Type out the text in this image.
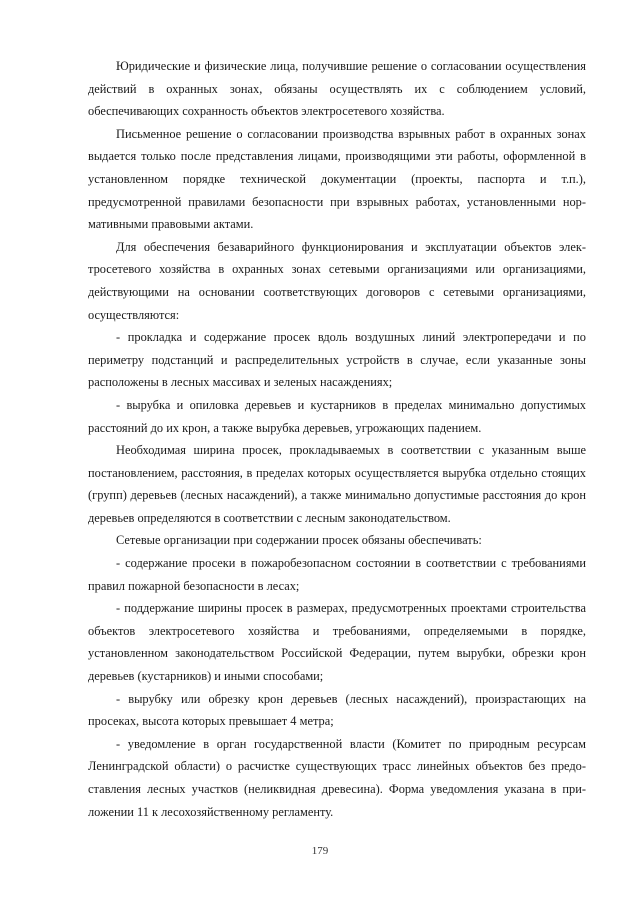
Юридические и физические лица, получившие решение о согласовании осуществления действий в охранных зонах, обязаны осуществлять их с соблюдением условий, обеспечивающих сохранность объектов электросетевого хозяйства.

Письменное решение о согласовании производства взрывных работ в охранных зонах выдается только после представления лицами, производящими эти работы, оформленной в установленном порядке технической документации (проекты, паспорта и т.п.), предусмотренной правилами безопасности при взрывных работах, установленными нормативными правовыми актами.

Для обеспечения безаварийного функционирования и эксплуатации объектов электросетевого хозяйства в охранных зонах сетевыми организациями или организациями, действующими на основании соответствующих договоров с сетевыми организациями, осуществляются:

- прокладка и содержание просек вдоль воздушных линий электропередачи и по периметру подстанций и распределительных устройств в случае, если указанные зоны расположены в лесных массивах и зеленых насаждениях;

- вырубка и опиловка деревьев и кустарников в пределах минимально допустимых расстояний до их крон, а также вырубка деревьев, угрожающих падением.

Необходимая ширина просек, прокладываемых в соответствии с указанным выше постановлением, расстояния, в пределах которых осуществляется вырубка отдельно стоящих (групп) деревьев (лесных насаждений), а также минимально допустимые расстояния до крон деревьев определяются в соответствии с лесным законодательством.

Сетевые организации при содержании просек обязаны обеспечивать:

- содержание просеки в пожаробезопасном состоянии в соответствии с требованиями правил пожарной безопасности в лесах;

- поддержание ширины просек в размерах, предусмотренных проектами строительства объектов электросетевого хозяйства и требованиями, определяемыми в порядке, установленном законодательством Российской Федерации, путем вырубки, обрезки крон деревьев (кустарников) и иными способами;

- вырубку или обрезку крон деревьев (лесных насаждений), произрастающих на просеках, высота которых превышает 4 метра;

- уведомление в орган государственной власти (Комитет по природным ресурсам Ленинградской области) о расчистке существующих трасс линейных объектов без предоставления лесных участков (неликвидная древесина). Форма уведомления указана в приложении 11 к лесохозяйственному регламенту.

179
